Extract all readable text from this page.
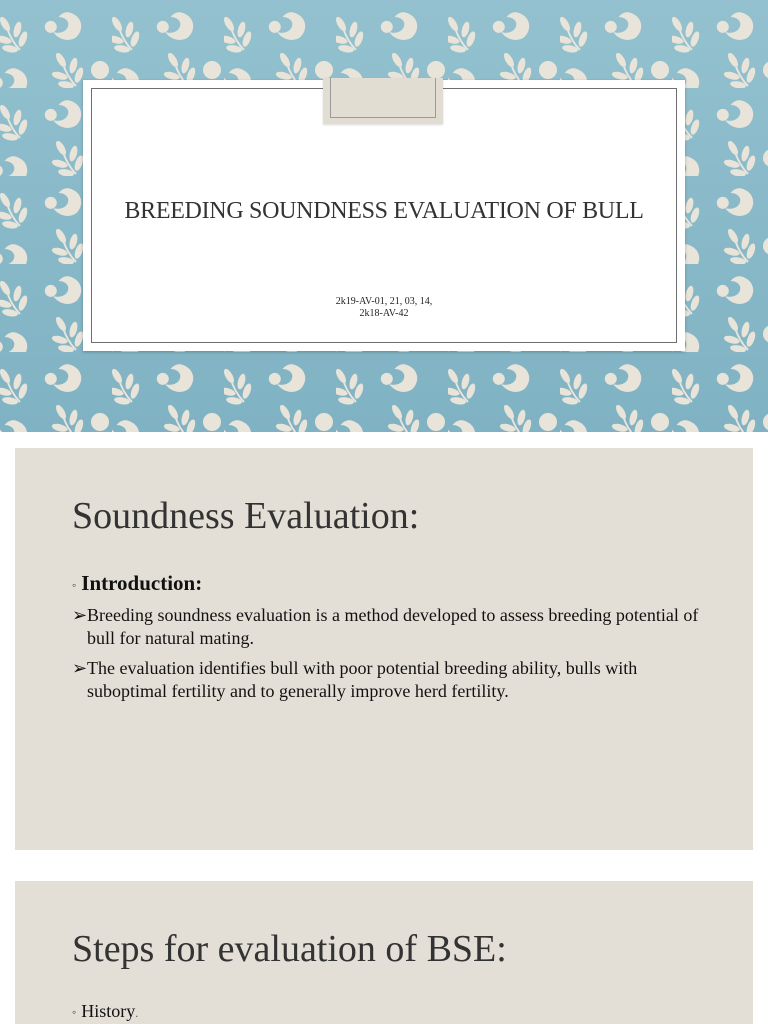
BREEDING SOUNDNESS EVALUATION OF BULL
2k19-AV-01, 21, 03, 14,
2k18-AV-42
Soundness Evaluation:
◦ Introduction:
➢ Breeding soundness evaluation is a method developed to assess breeding potential of bull for natural mating.
➢ The evaluation identifies bull with poor potential breeding ability, bulls with suboptimal fertility and to generally improve herd fertility.
Steps for evaluation of BSE:
◦ History.
